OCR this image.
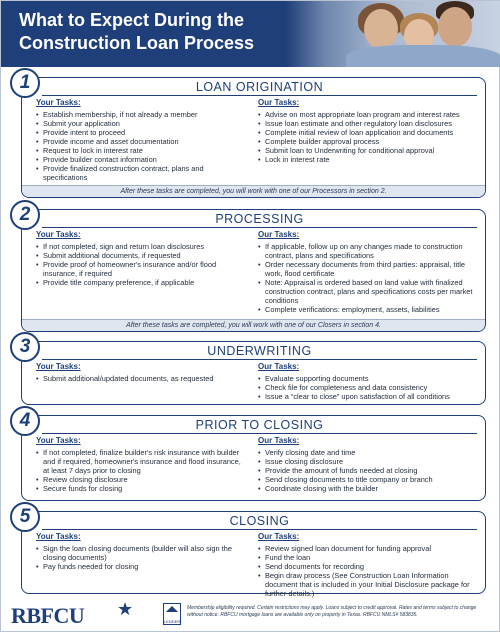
What to Expect During the
Construction Loan Process
1	LOAN ORIGINATION
Your Tasks:
• Establish membership, if not already a member
• Submit your application
• Provide intent to proceed
• Provide income and asset documentation
• Request to lock in interest rate
• Provide builder contact information
• Provide finalized construction contract, plans and specifications
Our Tasks:
• Advise on most appropriate loan program and interest rates
• Issue loan estimate and other regulatory loan disclosures
• Complete initial review of loan application and documents
• Complete builder approval process
• Submit loan to Underwriting for conditional approval
• Lock in interest rate
After these tasks are completed, you will work with one of our Processors in section 2.
2	PROCESSING
Your Tasks:
• If not completed, sign and return loan disclosures
• Submit additional documents, if requested
• Provide proof of homeowner's insurance and/or flood insurance, if required
• Provide title company preference, if applicable
Our Tasks:
• If applicable, follow up on any changes made to construction contract, plans and specifications
• Order necessary documents from third parties: appraisal, title work, flood certificate
• Note: Appraisal is ordered based on land value with finalized construction contract, plans and specifications costs per market conditions
• Complete verifications: employment, assets, liabilities
After these tasks are completed, you will work with one of our Closers in section 4.
3	UNDERWRITING
Your Tasks:
• Submit additional/updated documents, as requested
Our Tasks:
• Evaluate supporting documents
• Check file for completeness and data consistency
• Issue a “clear to close” upon satisfaction of all conditions
4	PRIOR TO CLOSING
Your Tasks:
• If not completed, finalize builder's risk insurance with builder and if required, homeowner's insurance and flood insurance, at least 7 days prior to closing
• Review closing disclosure
• Secure funds for closing
Our Tasks:
• Verify closing date and time
• Issue closing disclosure
• Provide the amount of funds needed at closing
• Send closing documents to title company or branch
• Coordinate closing with the builder
5	CLOSING
Your Tasks:
• Sign the loan closing documents (builder will also sign the closing documents)
• Pay funds needed for closing
Our Tasks:
• Review signed loan document for funding approval
• Fund the loan
• Send documents for recording
• Begin draw process (See Construction Loan Information document that is included in your Initial Disclosure package for further details.)
RBFCU ★
LENDER
Membership eligibility required. Certain restrictions may apply. Loans subject to credit approval. Rates and terms subject to change without notice. RBFCU mortgage loans are available only on property in Texas. RBFCU NMLS# 583835.
